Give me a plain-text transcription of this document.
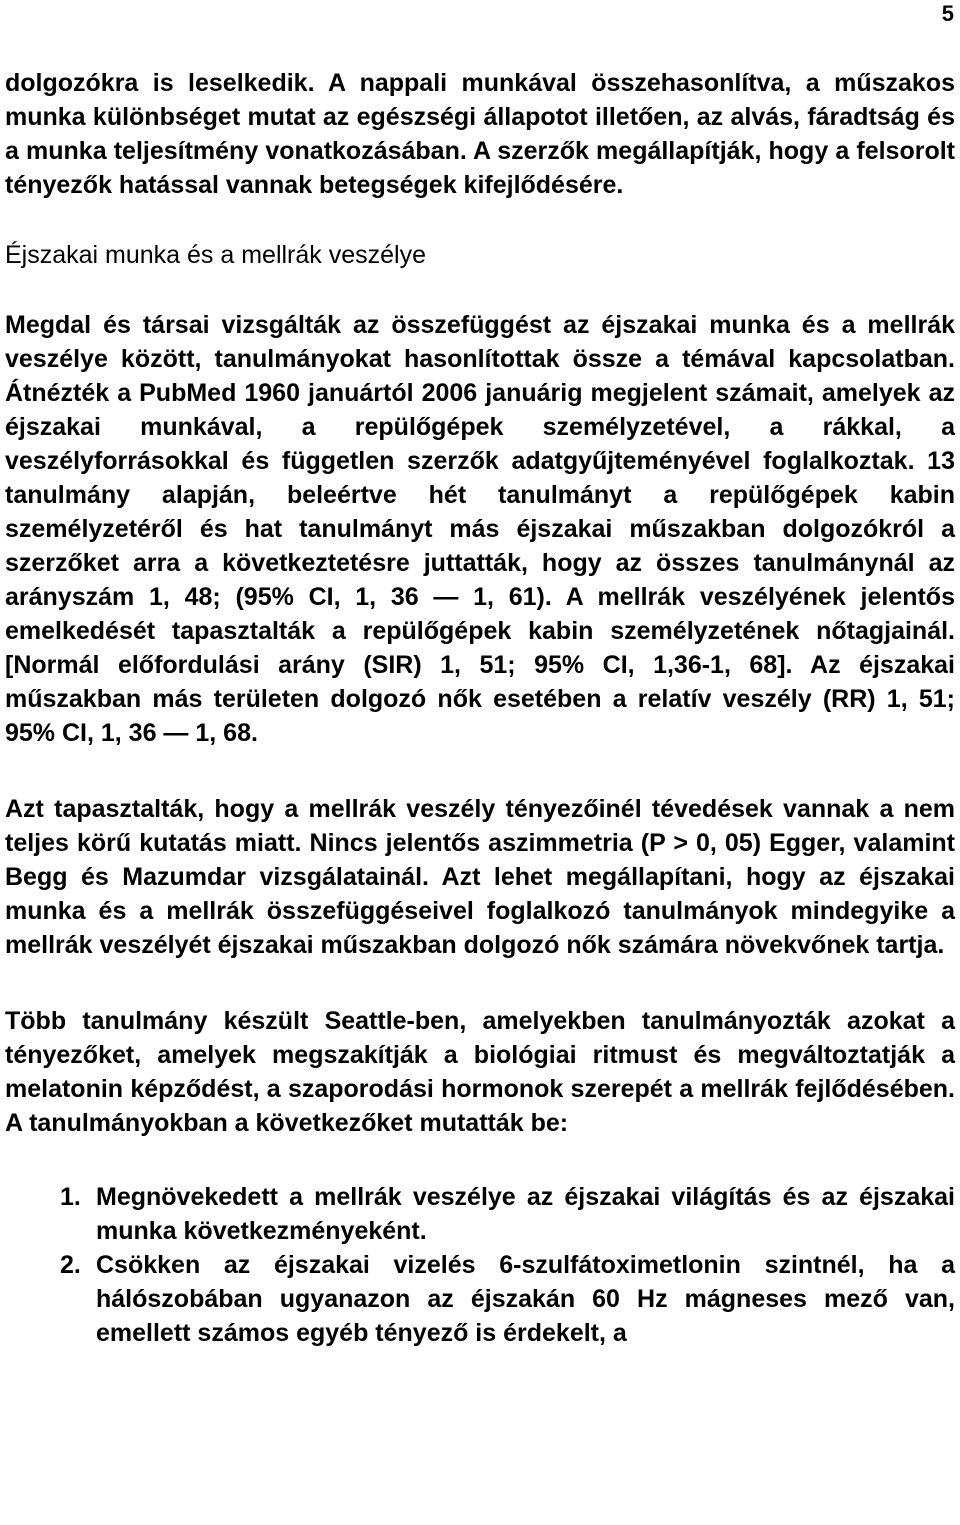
5

dolgozókra is leselkedik. A nappali munkával összehasonlítva, a műszakos munka különbséget mutat az egészségi állapotot illetően, az alvás, fáradtság és a munka teljesítmény vonatkozásában. A szerzők megállapítják, hogy a felsorolt tényezők hatással vannak betegségek kifejlődésére.

Éjszakai munka és a mellrák veszélye

Megdal és társai vizsgálták az összefüggést az éjszakai munka és a mellrák veszélye között, tanulmányokat hasonlítottak össze a témával kapcsolatban. Átnézték a PubMed 1960 januártól 2006 januárig megjelent számait, amelyek az éjszakai munkával, a repülőgépek személyzetével, a rákkal, a veszélyforrásokkal és független szerzők adatgyűjteményével foglalkoztak. 13 tanulmány alapján, beleértve hét tanulmányt a repülőgépek kabin személyzetéről és hat tanulmányt más éjszakai műszakban dolgozókról a szerzőket arra a következtetésre juttatták, hogy az összes tanulmánynál az arányszám 1, 48; (95% CI, 1, 36 — 1, 61). A mellrák veszélyének jelentős emelkedését tapasztalták a repülőgépek kabin személyzetének nőtagjainál. [Normál előfordulási arány (SIR) 1, 51; 95% CI, 1,36-1, 68]. Az éjszakai műszakban más területen dolgozó nők esetében a relatív veszély (RR) 1, 51; 95% CI, 1, 36 — 1, 68.

Azt tapasztalták, hogy a mellrák veszély tényezőinél tévedések vannak a nem teljes körű kutatás miatt. Nincs jelentős aszimmetria (P > 0, 05) Egger, valamint Begg és Mazumdar vizsgálatainál. Azt lehet megállapítani, hogy az éjszakai munka és a mellrák összefüggéseivel foglalkozó tanulmányok mindegyike a mellrák veszélyét éjszakai műszakban dolgozó nők számára növekvőnek tartja.

Több tanulmány készült Seattle-ben, amelyekben tanulmányozták azokat a tényezőket, amelyek megszakítják a biológiai ritmust és megváltoztatják a melatonin képződést, a szaporodási hormonok szerepét a mellrák fejlődésében. A tanulmányokban a következőket mutatták be:

1. Megnövekedett a mellrák veszélye az éjszakai világítás és az éjszakai munka következményeként.
2. Csökken az éjszakai vizelés 6-szulfátoximetlonin szintnél, ha a hálószobában ugyanazon az éjszakán 60 Hz mágneses mező van, emellett számos egyéb tényező is érdekelt, a
